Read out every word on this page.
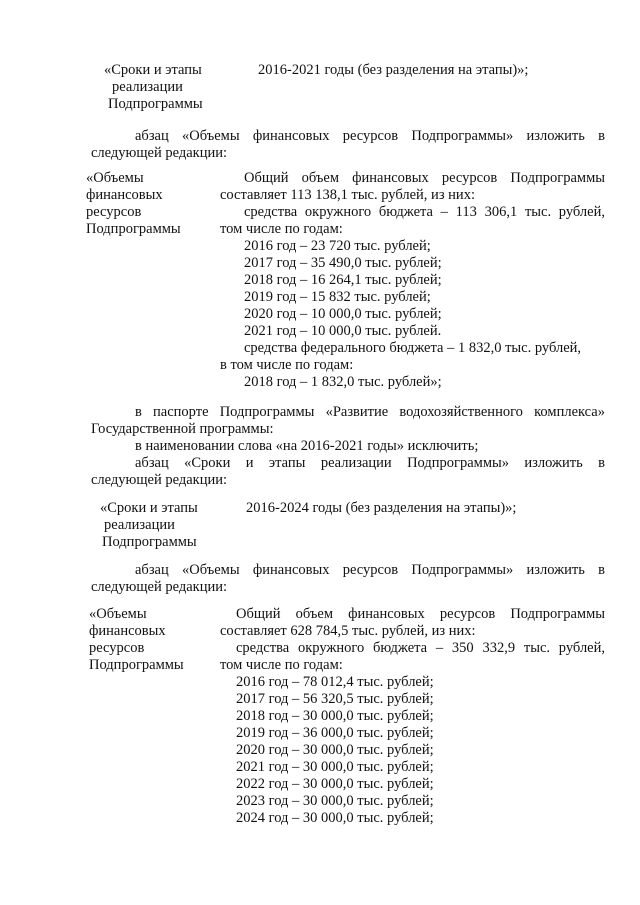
«Сроки и этапы
реализации
Подпрограммы
2016-2021 годы (без разделения на этапы)»;
абзац «Объемы финансовых ресурсов Подпрограммы» изложить в
следующей редакции:
«Объемы
финансовых
ресурсов
Подпрограммы
Общий объем финансовых ресурсов Подпрограммы
составляет 113 138,1 тыс. рублей, из них:
средства окружного бюджета – 113 306,1 тыс. рублей,
том числе по годам:
2016 год – 23 720 тыс. рублей;
2017 год – 35 490,0 тыс. рублей;
2018 год – 16 264,1 тыс. рублей;
2019 год – 15 832 тыс. рублей;
2020 год – 10 000,0 тыс. рублей;
2021 год – 10 000,0 тыс. рублей.
средства федерального бюджета – 1 832,0 тыс. рублей,
в том числе по годам:
2018 год – 1 832,0 тыс. рублей»;
в паспорте Подпрограммы «Развитие водохозяйственного комплекса»
Государственной программы:
в наименовании слова «на 2016-2021 годы» исключить;
абзац «Сроки и этапы реализации Подпрограммы» изложить в
следующей редакции:
«Сроки и этапы
реализации
Подпрограммы
2016-2024 годы (без разделения на этапы)»;
абзац «Объемы финансовых ресурсов Подпрограммы» изложить в
следующей редакции:
«Объемы
финансовых
ресурсов
Подпрограммы
Общий объем финансовых ресурсов Подпрограммы
составляет 628 784,5 тыс. рублей, из них:
средства окружного бюджета – 350 332,9 тыс. рублей,
том числе по годам:
2016 год – 78 012,4 тыс. рублей;
2017 год – 56 320,5 тыс. рублей;
2018 год – 30 000,0 тыс. рублей;
2019 год – 36 000,0 тыс. рублей;
2020 год – 30 000,0 тыс. рублей;
2021 год – 30 000,0 тыс. рублей;
2022 год – 30 000,0 тыс. рублей;
2023 год – 30 000,0 тыс. рублей;
2024 год – 30 000,0 тыс. рублей;
